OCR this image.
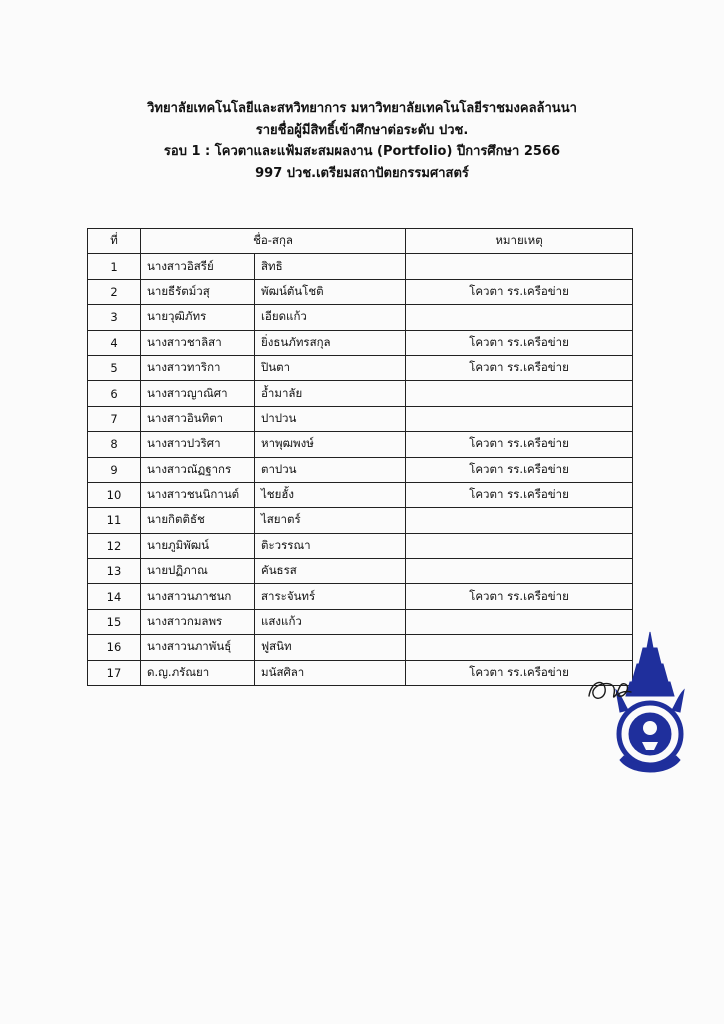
วิทยาลัยเทคโนโลยีและสหวิทยาการ มหาวิทยาลัยเทคโนโลยีราชมงคลล้านนา
รายชื่อผู้มีสิทธิ์เข้าศึกษาต่อระดับ ปวช.
รอบ 1 : โควตาและแฟ้มสะสมผลงาน (Portfolio) ปีการศึกษา 2566
997 ปวช.เตรียมสถาปัตยกรรมศาสตร์
ที่	ชื่อ-สกุล		หมายเหตุ
1	นางสาวอิสรีย์	สิทธิ	
2	นายธีรัตม์วสุ	พัฒน์ตันโชติ	โควตา รร.เครือข่าย
3	นายวุฒิภัทร	เอียดแก้ว	
4	นางสาวชาลิสา	ยิ่งธนภัทรสกุล	โควตา รร.เครือข่าย
5	นางสาวทาริกา	ปินตา	โควตา รร.เครือข่าย
6	นางสาวญาณิศา	อ้ำมาลัย	
7	นางสาวอินทิตา	ปาปวน	
8	นางสาวปวริศา	หาพุฒพงษ์	โควตา รร.เครือข่าย
9	นางสาวณัฏฐากร	ตาปวน	โควตา รร.เครือข่าย
10	นางสาวชนนิกานต์	ไชยฮั้ง	โควตา รร.เครือข่าย
11	นายกิตติธัช	ไสยาตร์	
12	นายภูมิพัฒน์	ติะวรรณา	
13	นายปฏิภาณ	คันธรส	
14	นางสาวนภาชนก	สาระจันทร์	โควตา รร.เครือข่าย
15	นางสาวกมลพร	แสงแก้ว	
16	นางสาวนภาพันธุ์	ฟูสนิท	
17	ด.ญ.ภรัณยา	มนัสศิลา	โควตา รร.เครือข่าย
